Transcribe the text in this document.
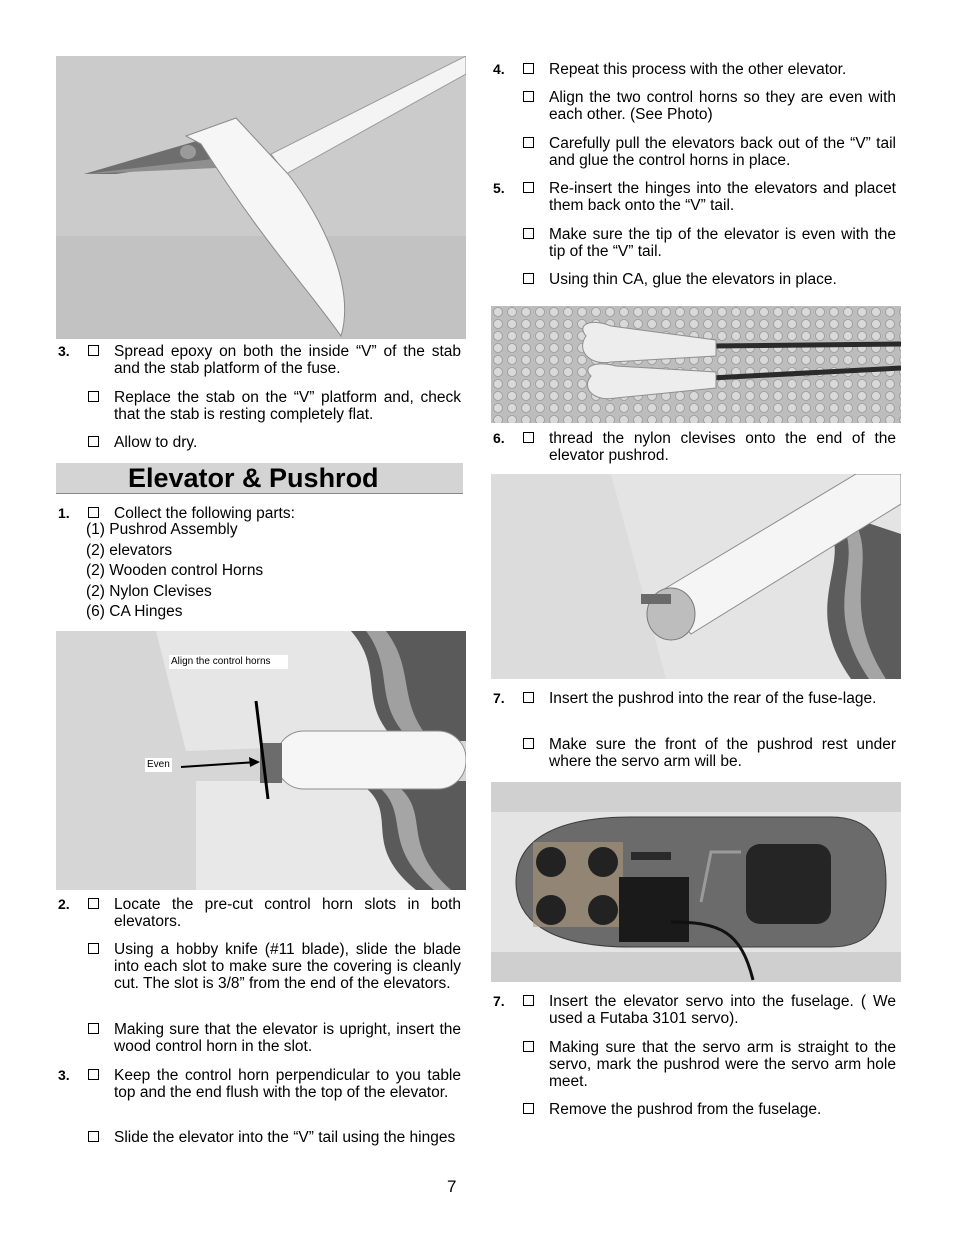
3.	Spread epoxy on both the inside “V” of the stab and the stab platform of the fuse.
Replace the stab on the “V” platform and, check that the stab is resting completely flat.
Allow to dry.
Elevator & Pushrod
1.	Collect the following parts:
(1) Pushrod Assembly
(2) elevators
(2) Wooden control Horns
(2) Nylon Clevises
(6) CA Hinges
Align the control horns
Even
2.	Locate the pre-cut control horn slots in both elevators.
Using a hobby knife (#11 blade), slide the blade into each slot to make sure the covering is cleanly cut. The slot is 3/8” from the end of the elevators.
Making sure that the elevator is upright, insert the wood control horn in the slot.
3.	Keep the control horn perpendicular to you table top and the end flush with the top of the elevator.
Slide the elevator into the “V” tail using the hinges
4.	Repeat this process with the other elevator.
Align the two control horns so they are even with each other. (See Photo)
Carefully pull the elevators back out of the “V” tail and glue the control horns in place.
5.	Re-insert the hinges into the elevators and placet them back onto the “V” tail.
Make sure the tip of the elevator is even with the tip of the “V” tail.
Using thin CA, glue the elevators in place.
6.	thread the nylon clevises onto the end of the elevator pushrod.
7.	Insert the pushrod into the rear of the fuse-lage.
Make sure the front of the pushrod rest under where the servo arm will be.
7.	Insert the elevator servo into the fuselage. ( We used a Futaba 3101 servo).
Making sure that the servo arm is straight to the servo, mark the pushrod were the servo arm hole meet.
Remove the pushrod from the fuselage.
7
